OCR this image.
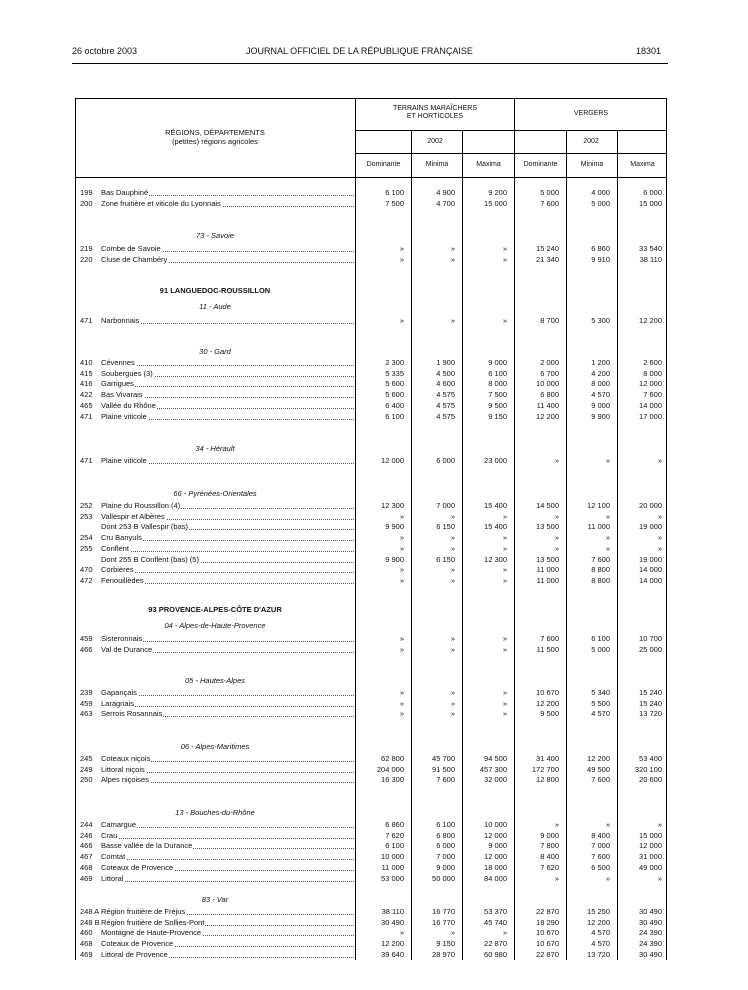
26 octobre 2003	JOURNAL OFFICIEL DE LA RÉPUBLIQUE FRANÇAISE	18301
RÉGIONS, DÉPARTEMENTS
(petites) régions agricoles
TERRAINS MARAÎCHERS
ET HORTICOLES	VERGERS
2002	2002
Dominante	Minima	Maxima	Dominante	Minima	Maxima
199	Bas Dauphiné	6 100	4 900	9 200	5 000	4 000	6 000
200	Zone fruitière et viticole du Lyonnais	7 500	4 700	15 000	7 600	5 000	15 000
73 - Savoie
219	Combe de Savoie	»	»	»	15 240	6 860	33 540
220	Cluse de Chambéry	»	»	»	21 340	9 910	38 110
91 LANGUEDOC-ROUSSILLON
11 - Aude
471	Narbonnais	»	»	»	8 700	5 300	12 200
30 - Gard
410	Cévennes	2 300	1 900	9 000	2 000	1 200	2 600
415	Soubergues (3)	5 335	4 500	6 100	6 700	4 200	8 000
416	Garrigues	5 600	4 600	8 000	10 000	8 000	12 000
422	Bas Vivarais	5 600	4 575	7 500	6 800	4 570	7 600
465	Vallée du Rhône	6 400	4 575	9 500	11 400	9 000	14 000
471	Plaine viticole	6 100	4 575	9 150	12 200	9 900	17 000
34 - Hérault
471	Plaine viticole	12 000	6 000	23 000	»	»	»
66 - Pyrénées-Orientales
252	Plaine du Roussillon (4)	12 300	7 000	15 400	14 500	12 100	20 000
253	Vallespir et Albères	»	»	»	»	»	»
Dont 253 B Vallespir (bas)	9 900	6 150	15 400	13 500	11 000	19 000
254	Cru Banyuls	»	»	»	»	»	»
255	Conflent	»	»	»	»	»	»
Dont 255 B Conflent (bas) (5)	9 900	6 150	12 300	13 500	7 600	19 000
470	Corbières	»	»	»	11 000	8 800	14 000
472	Fenouillèdes	»	»	»	11 000	8 800	14 000
93 PROVENCE-ALPES-CÔTE D'AZUR
04 - Alpes-de-Haute-Provence
459	Sisteronnais	»	»	»	7 600	6 100	10 700
466	Val de Durance	»	»	»	11 500	5 000	25 000
05 - Hautes-Alpes
239	Gapançais	»	»	»	10 670	5 340	15 240
459	Laragnais	»	»	»	12 200	5 500	15 240
463	Serrois Rosannais	»	»	»	9 500	4 570	13 720
06 - Alpes-Maritimes
245	Coteaux niçois	62 800	45 700	94 500	31 400	12 200	53 400
249	Littoral niçois	204 000	91 500	457 300	172 700	49 500	320 100
250	Alpes niçoises	16 300	7 600	32 000	12 800	7 600	20 600
13 - Bouches-du-Rhône
244	Camargue	6 860	6 100	10 000	»	»	»
246	Crau	7 620	6 800	12 000	9 000	8 400	15 000
466	Basse vallée de la Durance	6 100	6 000	9 000	7 800	7 000	12 000
467	Comtat	10 000	7 000	12 000	8 400	7 600	31 000
468	Coteaux de Provence	11 000	9 000	18 000	7 620	6 500	49 000
469	Littoral	53 000	50 000	84 000	»	»	»
83 - Var
248 A Région fruitière de Fréjus	38 110	16 770	53 370	22 870	15 250	30 490
248 B Région fruitière de Sollies-Pont	30 490	16 770	45 740	18 290	12 200	30 490
460	Montagne de Haute-Provence	»	»	»	10 670	4 570	24 390
468	Coteaux de Provence	12 200	9 150	22 870	10 670	4 570	24 390
469	Littoral de Provence	39 640	28 970	60 980	22 870	13 720	30 490
